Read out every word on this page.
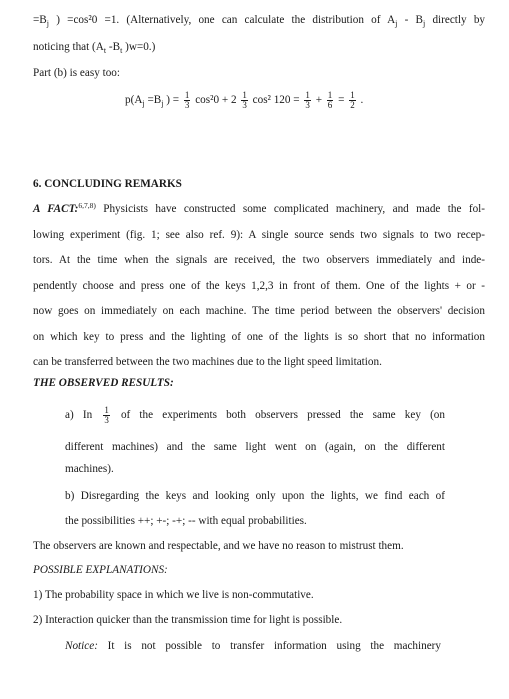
$=B_j$ ) =cos²0 =1. (Alternatively, one can calculate the distribution of $A_j - B_j$ directly by
noticing that ($A_t$ $-B_t$ )w=0.)
Part (b) is easy too:
$p(A_j =B_j$ ) = $\frac{1}{3} \cos^20 + 2 \frac{1}{3} \cos^2$ $120 = \frac{1}{3} + \frac{1}{6} = \frac{1}{2}$ .
6. CONCLUDING REMARKS
A FACT:$^{6,7,8)}$ Physicists have constructed some complicated machinery, and made the fol-
lowing experiment (fig. 1; see also ref. 9): A single source sends two signals to two recep-
tors. At the time when the signals are received, the two observers immediately and inde-
pendently choose and press one of the keys 1,2,3 in front of them. One of the lights + or -
now goes on immediately on each machine. The time period between the observers' decision
on which key to press and the lighting of one of the lights is so short that no information
can be transferred between the two machines due to the light speed limitation.
THE OBSERVED RESULTS:
a) In $\frac{1}{3}$ of the experiments both observers pressed the same key (on
different machines) and the same light went on (again, on the different
machines).
b) Disregarding the keys and looking only upon the lights, we find each of
the possibilities ++; +-; -+; -- with equal probabilities.
The observers are known and respectable, and we have no reason to mistrust them.
POSSIBLE EXPLANATIONS:
1) The probability space in which we live is non-commutative.
2) Interaction quicker than the transmission time for light is possible.
Notice: It is not possible to transfer information using the machinery
